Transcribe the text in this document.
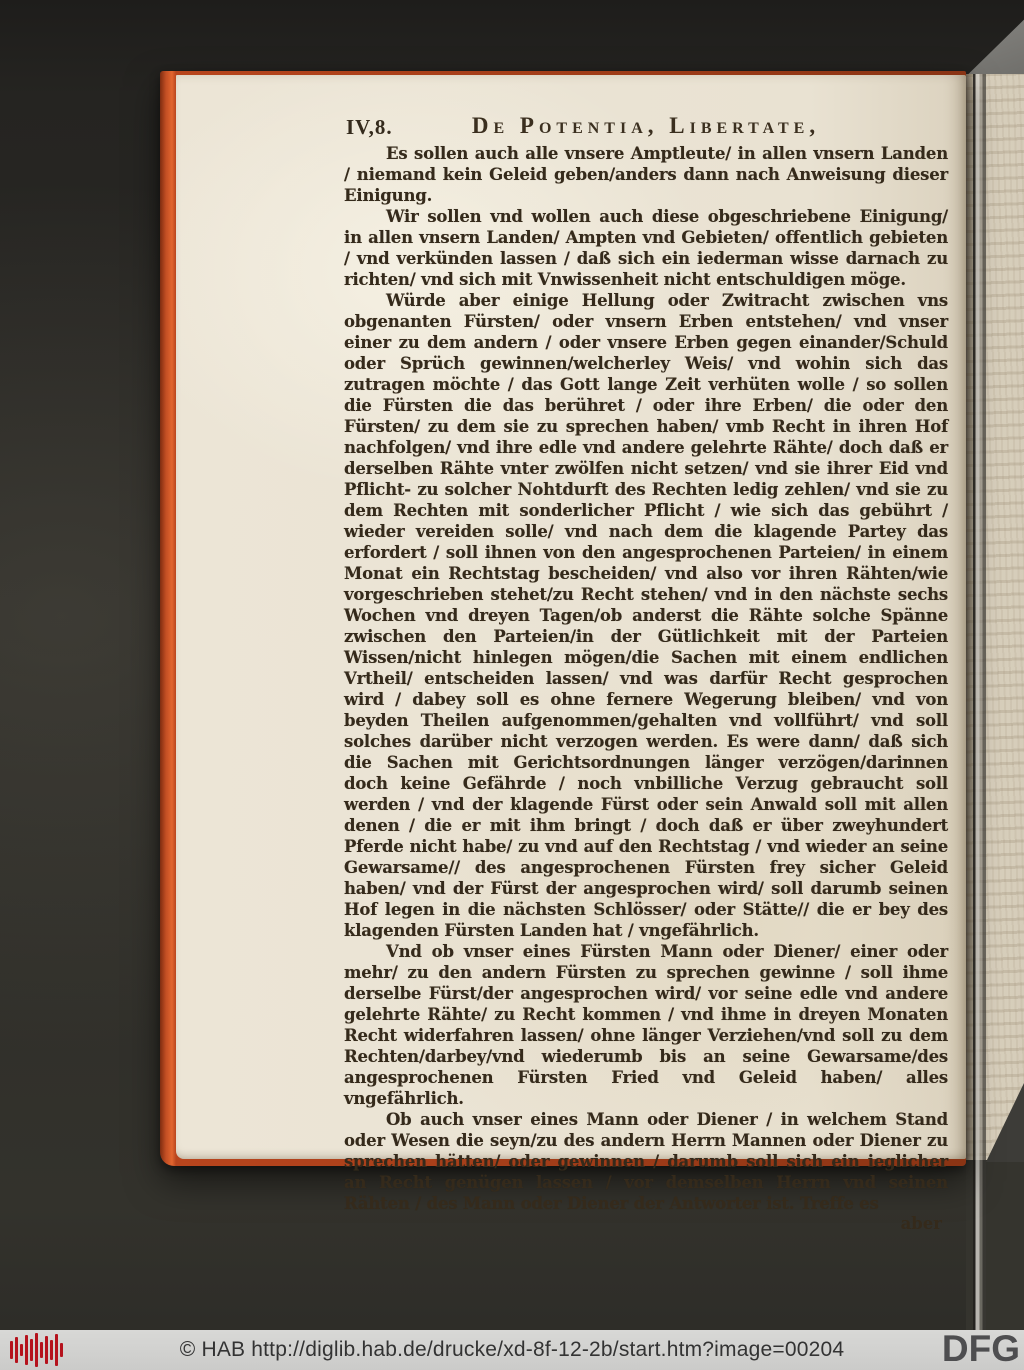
IV,8.	De Potentia, Libertate,

Es sollen auch alle vnsere Amptleute/ in allen vnsern Landen / niemand kein Geleid geben/anders dann nach Anweisung dieser Einigung.

Wir sollen vnd wollen auch diese obgeschriebene Einigung/ in allen vnsern Landen/ Ampten vnd Gebieten/ offentlich gebieten / vnd verkünden lassen / daß sich ein iederman wisse darnach zu richten/ vnd sich mit Vnwissenheit nicht entschuldigen möge.

Würde aber einige Hellung oder Zwitracht zwischen vns obgenanten Fürsten/ oder vnsern Erben entstehen/ vnd vnser einer zu dem andern / oder vnsere Erben gegen einander/Schuld oder Sprüch gewinnen/welcherley Weis/ vnd wohin sich das zutragen möchte / das Gott lange Zeit verhüten wolle / so sollen die Fürsten die das berühret / oder ihre Erben/ die oder den Fürsten/ zu dem sie zu sprechen haben/ vmb Recht in ihren Hof nachfolgen/ vnd ihre edle vnd andere gelehrte Rähte/ doch daß er derselben Rähte vnter zwölfen nicht setzen/ vnd sie ihrer Eid vnd Pflicht- zu solcher Nohtdurft des Rechten ledig zehlen/ vnd sie zu dem Rechten mit sonderlicher Pflicht / wie sich das gebührt / wieder vereiden solle/ vnd nach dem die klagende Partey das erfordert / soll ihnen von den angesprochenen Parteien/ in einem Monat ein Rechtstag bescheiden/ vnd also vor ihren Rähten/wie vorgeschrieben stehet/zu Recht stehen/ vnd in den nächste sechs Wochen vnd dreyen Tagen/ob anderst die Rähte solche Spänne zwischen den Parteien/in der Gütlichkeit mit der Parteien Wissen/nicht hinlegen mögen/die Sachen mit einem endlichen Vrtheil/ entscheiden lassen/ vnd was darfür Recht gesprochen wird / dabey soll es ohne fernere Wegerung bleiben/ vnd von beyden Theilen aufgenommen/gehalten vnd vollführt/ vnd soll solches darüber nicht verzogen werden. Es were dann/ daß sich die Sachen mit Gerichtsordnungen länger verzögen/darinnen doch keine Gefährde / noch vnbilliche Verzug gebraucht soll werden / vnd der klagende Fürst oder sein Anwald soll mit allen denen / die er mit ihm bringt / doch daß er über zweyhundert Pferde nicht habe/ zu vnd auf den Rechtstag / vnd wieder an seine Gewarsame// des angesprochenen Fürsten frey sicher Geleid haben/ vnd der Fürst der angesprochen wird/ soll darumb seinen Hof legen in die nächsten Schlösser/ oder Stätte// die er bey des klagenden Fürsten Landen hat / vngefährlich.

Vnd ob vnser eines Fürsten Mann oder Diener/ einer oder mehr/ zu den andern Fürsten zu sprechen gewinne / soll ihme derselbe Fürst/der angesprochen wird/ vor seine edle vnd andere gelehrte Rähte/ zu Recht kommen / vnd ihme in dreyen Monaten Recht widerfahren lassen/ ohne länger Verziehen/vnd soll zu dem Rechten/darbey/vnd wiederumb bis an seine Gewarsame/des angesprochenen Fürsten Fried vnd Geleid haben/ alles vngefährlich.

Ob auch vnser eines Mann oder Diener / in welchem Stand oder Wesen die seyn/zu des andern Herrn Mannen oder Diener zu sprechen hätten/ oder gewinnen / darumb soll sich ein ieglicher an Recht genügen lassen / vor demselben Herrn vnd seinen Rähten / des Mann oder Diener der Antworter ist. Treffe es

aber
© HAB http://diglib.hab.de/drucke/xd-8f-12-2b/start.htm?image=00204	DFG
